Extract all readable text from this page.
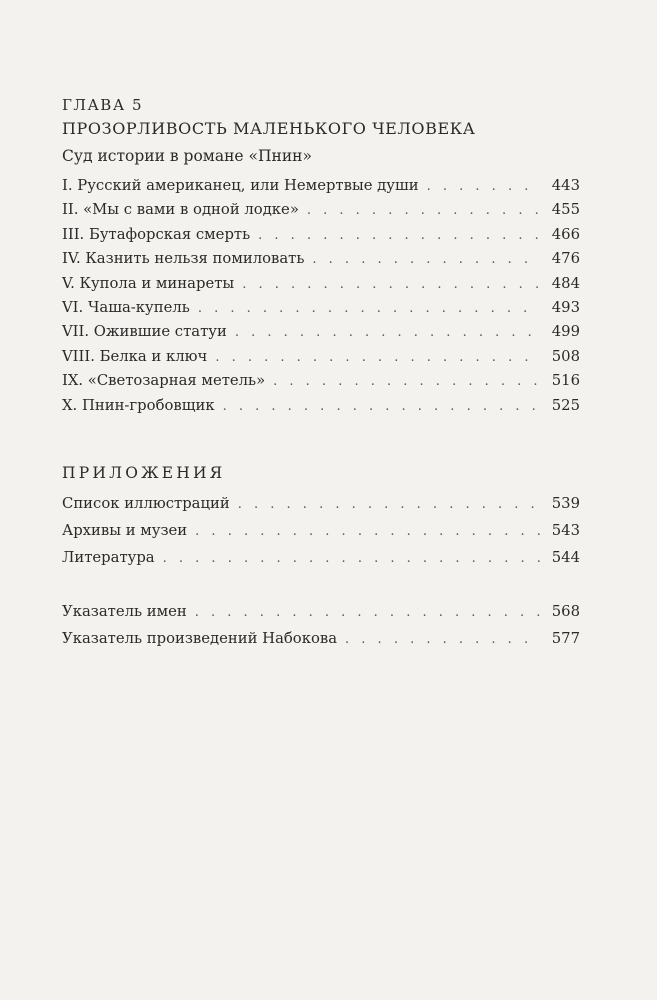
ГЛАВА 5
ПРОЗОРЛИВОСТЬ МАЛЕНЬКОГО ЧЕЛОВЕКА
Суд истории в романе «Пнин»
I. Русский американец, или Немертвые души . . .	443
II. «Мы с вами в одной лодке» . . .	455
III. Бутафорская смерть . . .	466
IV. Казнить нельзя помиловать . . .	476
V. Купола и минареты . . .	484
VI. Чаша-купель . . .	493
VII. Ожившие статуи . . .	499
VIII. Белка и ключ . . .	508
IX. «Светозарная метель» . . .	516
X. Пнин-гробовщик . . .	525
ПРИЛОЖЕНИЯ
Список иллюстраций . . .	539
Архивы и музеи . . .	543
Литература . . .	544
Указатель имен . . .	568
Указатель произведений Набокова . . .	577
